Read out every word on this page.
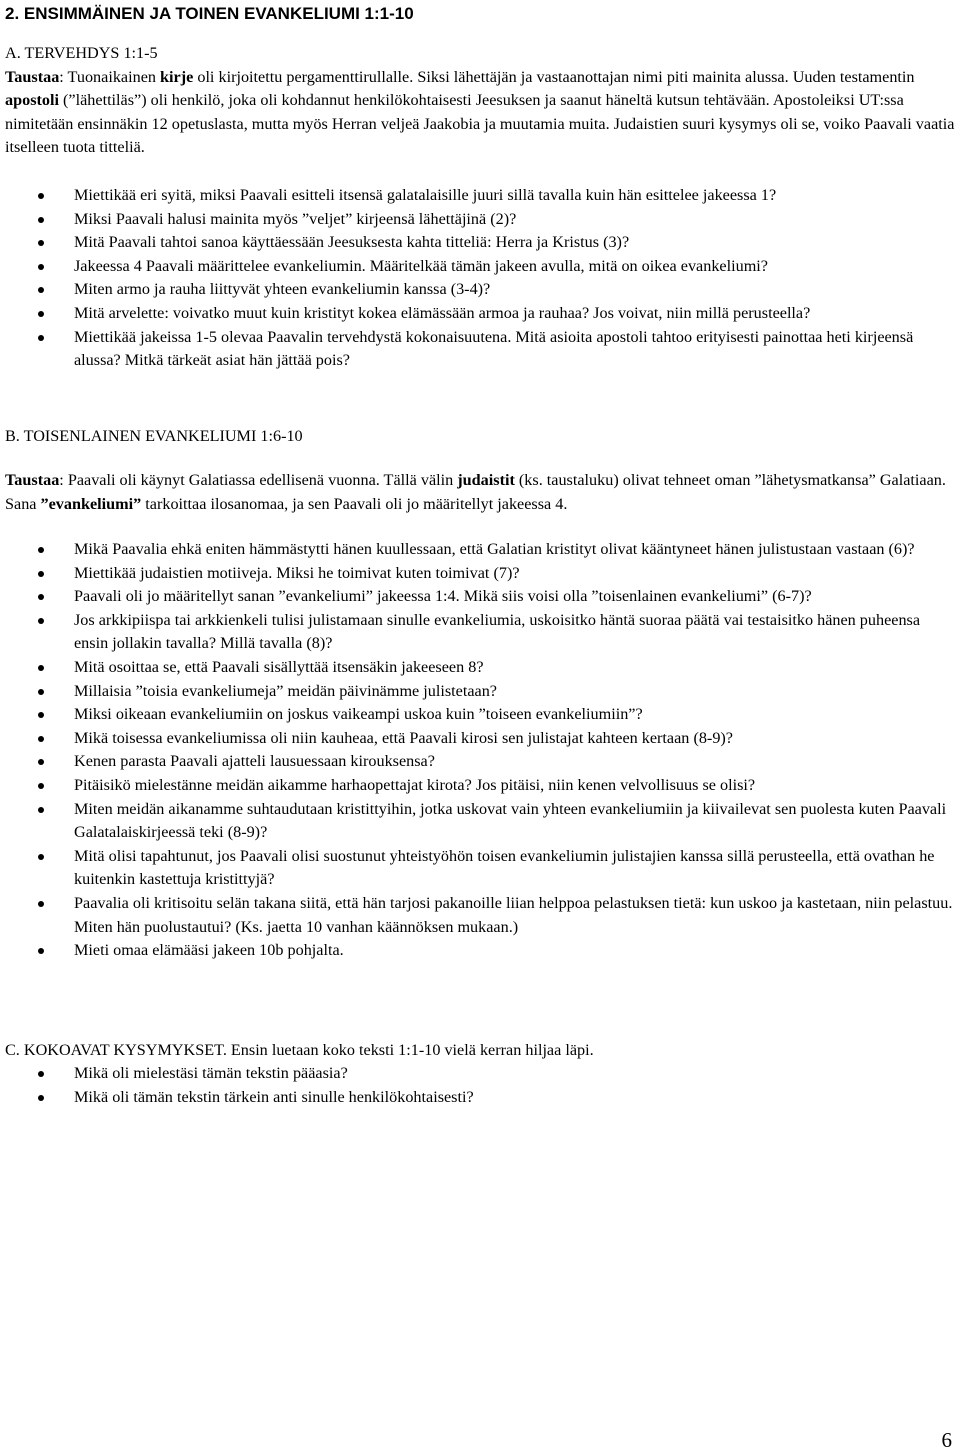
2. ENSIMMÄINEN JA TOINEN EVANKELIUMI 1:1-10
A. TERVEHDYS 1:1-5
Taustaa: Tuonaikainen kirje oli kirjoitettu pergamenttirullalle. Siksi lähettäjän ja vastaanottajan nimi piti mainita alussa. Uuden testamentin apostoli (”lähettiläs”) oli henkilö, joka oli kohdannut henkilökohtaisesti Jeesuksen ja saanut häneltä kutsun tehtävään. Apostoleiksi UT:ssa nimitetään ensinnäkin 12 opetuslasta, mutta myös Herran veljeä Jaakobia ja muutamia muita. Judaistien suuri kysymys oli se, voiko Paavali vaatia itselleen tuota titteliä.
Miettikää eri syitä, miksi Paavali esitteli itsensä galatalaisille juuri sillä tavalla kuin hän esittelee jakeessa 1?
Miksi Paavali halusi mainita myös ”veljet” kirjeensä lähettäjinä (2)?
Mitä Paavali tahtoi sanoa käyttäessään Jeesuksesta kahta titteliä: Herra ja Kristus (3)?
Jakeessa 4 Paavali määrittelee evankeliumin. Määritelkää tämän jakeen avulla, mitä on oikea evankeliumi?
Miten armo ja rauha liittyvät yhteen evankeliumin kanssa (3-4)?
Mitä arvelette: voivatko muut kuin kristityt kokea elämässään armoa ja rauhaa? Jos voivat, niin millä perusteella?
Miettikää jakeissa 1-5 olevaa Paavalin tervehdystä kokonaisuutena. Mitä asioita apostoli tahtoo erityisesti painottaa heti kirjeensä alussa? Mitkä tärkeät asiat hän jättää pois?
B. TOISENLAINEN EVANKELIUMI 1:6-10
Taustaa: Paavali oli käynyt Galatiassa edellisenä vuonna. Tällä välin judaistit (ks. taustaluku) olivat tehneet oman ”lähetysmatkansa” Galatiaan. Sana ”evankeliumi” tarkoittaa ilosanomaa, ja sen Paavali oli jo määritellyt jakeessa 4.
Mikä Paavalia ehkä eniten hämmästytti hänen kuullessaan, että Galatian kristityt olivat kääntyneet hänen julistustaan vastaan (6)?
Miettikää judaistien motiiveja. Miksi he toimivat kuten toimivat (7)?
Paavali oli jo määritellyt sanan ”evankeliumi” jakeessa 1:4. Mikä siis voisi olla ”toisenlainen evankeliumi” (6-7)?
Jos arkkipiispa tai arkkienkeli tulisi julistamaan sinulle evankeliumia, uskoisitko häntä suoraa päätä vai testaisitko hänen puheensa ensin jollakin tavalla? Millä tavalla (8)?
Mitä osoittaa se, että Paavali sisällyttää itsensäkin jakeeseen 8?
Millaisia ”toisia evankeliumeja” meidän päivinämme julistetaan?
Miksi oikeaan evankeliumiin on joskus vaikeampi uskoa kuin ”toiseen evankeliumiin”?
Mikä toisessa evankeliumissa oli niin kauheaa, että Paavali kirosi sen julistajat kahteen kertaan (8-9)?
Kenen parasta Paavali ajatteli lausuessaan kirouksensa?
Pitäisikö mielestänne meidän aikamme harhaopettajat kirota? Jos pitäisi, niin kenen velvollisuus se olisi?
Miten meidän aikanamme suhtaudutaan kristittyihin, jotka uskovat vain yhteen evankeliumiin ja kiivailevat sen puolesta kuten Paavali Galatalaiskirjeessä teki (8-9)?
Mitä olisi tapahtunut, jos Paavali olisi suostunut yhteistyöhön toisen evankeliumin julistajien kanssa sillä perusteella, että ovathan he kuitenkin kastettuja kristittyjä?
Paavalia oli kritisoitu selän takana siitä, että hän tarjosi pakanoille liian helppoa pelastuksen tietä: kun uskoo ja kastetaan, niin pelastuu. Miten hän puolustautui? (Ks. jaetta 10 vanhan käännöksen mukaan.)
Mieti omaa elämääsi jakeen 10b pohjalta.
C. KOKOAVAT KYSYMYKSET. Ensin luetaan koko teksti 1:1-10 vielä kerran hiljaa läpi.
Mikä oli mielestäsi tämän tekstin pääasia?
Mikä oli tämän tekstin tärkein anti sinulle henkilökohtaisesti?
6
